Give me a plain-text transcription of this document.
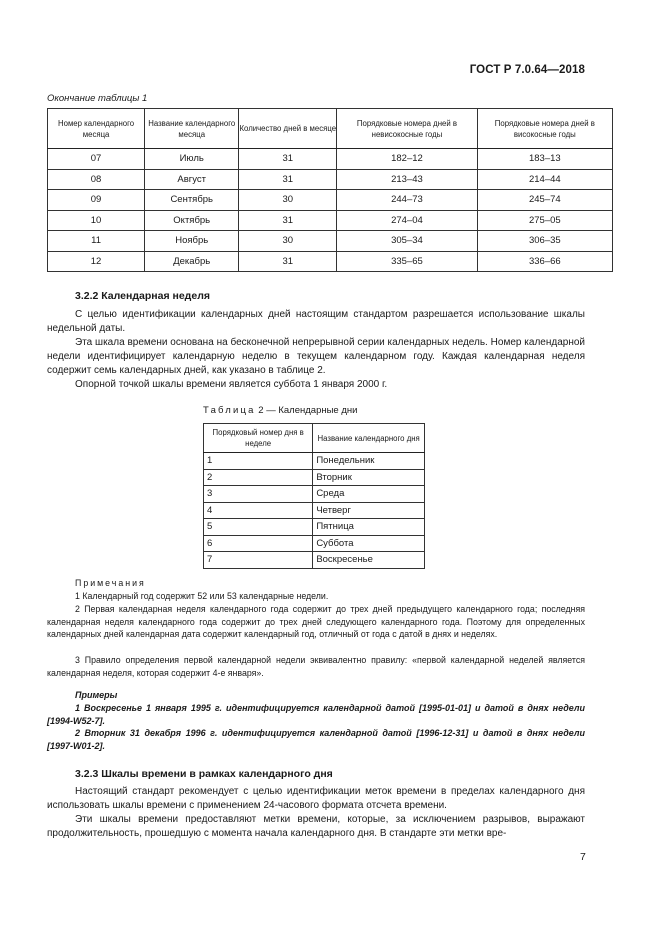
ГОСТ Р 7.0.64—2018
Окончание таблицы 1
Номер календарного месяца	Название календарного месяца	Количество дней в месяце	Порядковые номера дней в невисокосные годы	Порядковые номера дней в високосные годы
07	Июль	31	182–12	183–13
08	Август	31	213–43	214–44
09	Сентябрь	30	244–73	245–74
10	Октябрь	31	274–04	275–05
11	Ноябрь	30	305–34	306–35
12	Декабрь	31	335–65	336–66
3.2.2 Календарная неделя
С целью идентификации календарных дней настоящим стандартом разрешается использование шкалы недельной даты.
Эта шкала времени основана на бесконечной непрерывной серии календарных недель. Номер календарной недели идентифицирует календарную неделю в текущем календарном году. Каждая календарная неделя содержит семь календарных дней, как указано в таблице 2.
Опорной точкой шкалы времени является суббота 1 января 2000 г.
Таблица 2 — Календарные дни
Порядковый номер дня в неделе	Название календарного дня
1	Понедельник
2	Вторник
3	Среда
4	Четверг
5	Пятница
6	Суббота
7	Воскресенье
Примечания
1 Календарный год содержит 52 или 53 календарные недели.
2 Первая календарная неделя календарного года содержит до трех дней предыдущего календарного года; последняя календарная неделя календарного года содержит до трех дней следующего календарного года. Поэтому для определенных календарных дней календарная дата содержит календарный год, отличный от года с датой в днях и неделях.
3 Правило определения первой календарной недели эквивалентно правилу: «первой календарной неделей является календарная неделя, которая содержит 4-е января».
Примеры
1 Воскресенье 1 января 1995 г. идентифицируется календарной датой [1995-01-01] и датой в днях недели [1994-W52-7].
2 Вторник 31 декабря 1996 г. идентифицируется календарной датой [1996-12-31] и датой в днях недели [1997-W01-2].
3.2.3 Шкалы времени в рамках календарного дня
Настоящий стандарт рекомендует с целью идентификации меток времени в пределах календарного дня использовать шкалы времени с применением 24-часового формата отсчета времени.
Эти шкалы времени предоставляют метки времени, которые, за исключением разрывов, выражают продолжительность, прошедшую с момента начала календарного дня. В стандарте эти метки вре-
7
